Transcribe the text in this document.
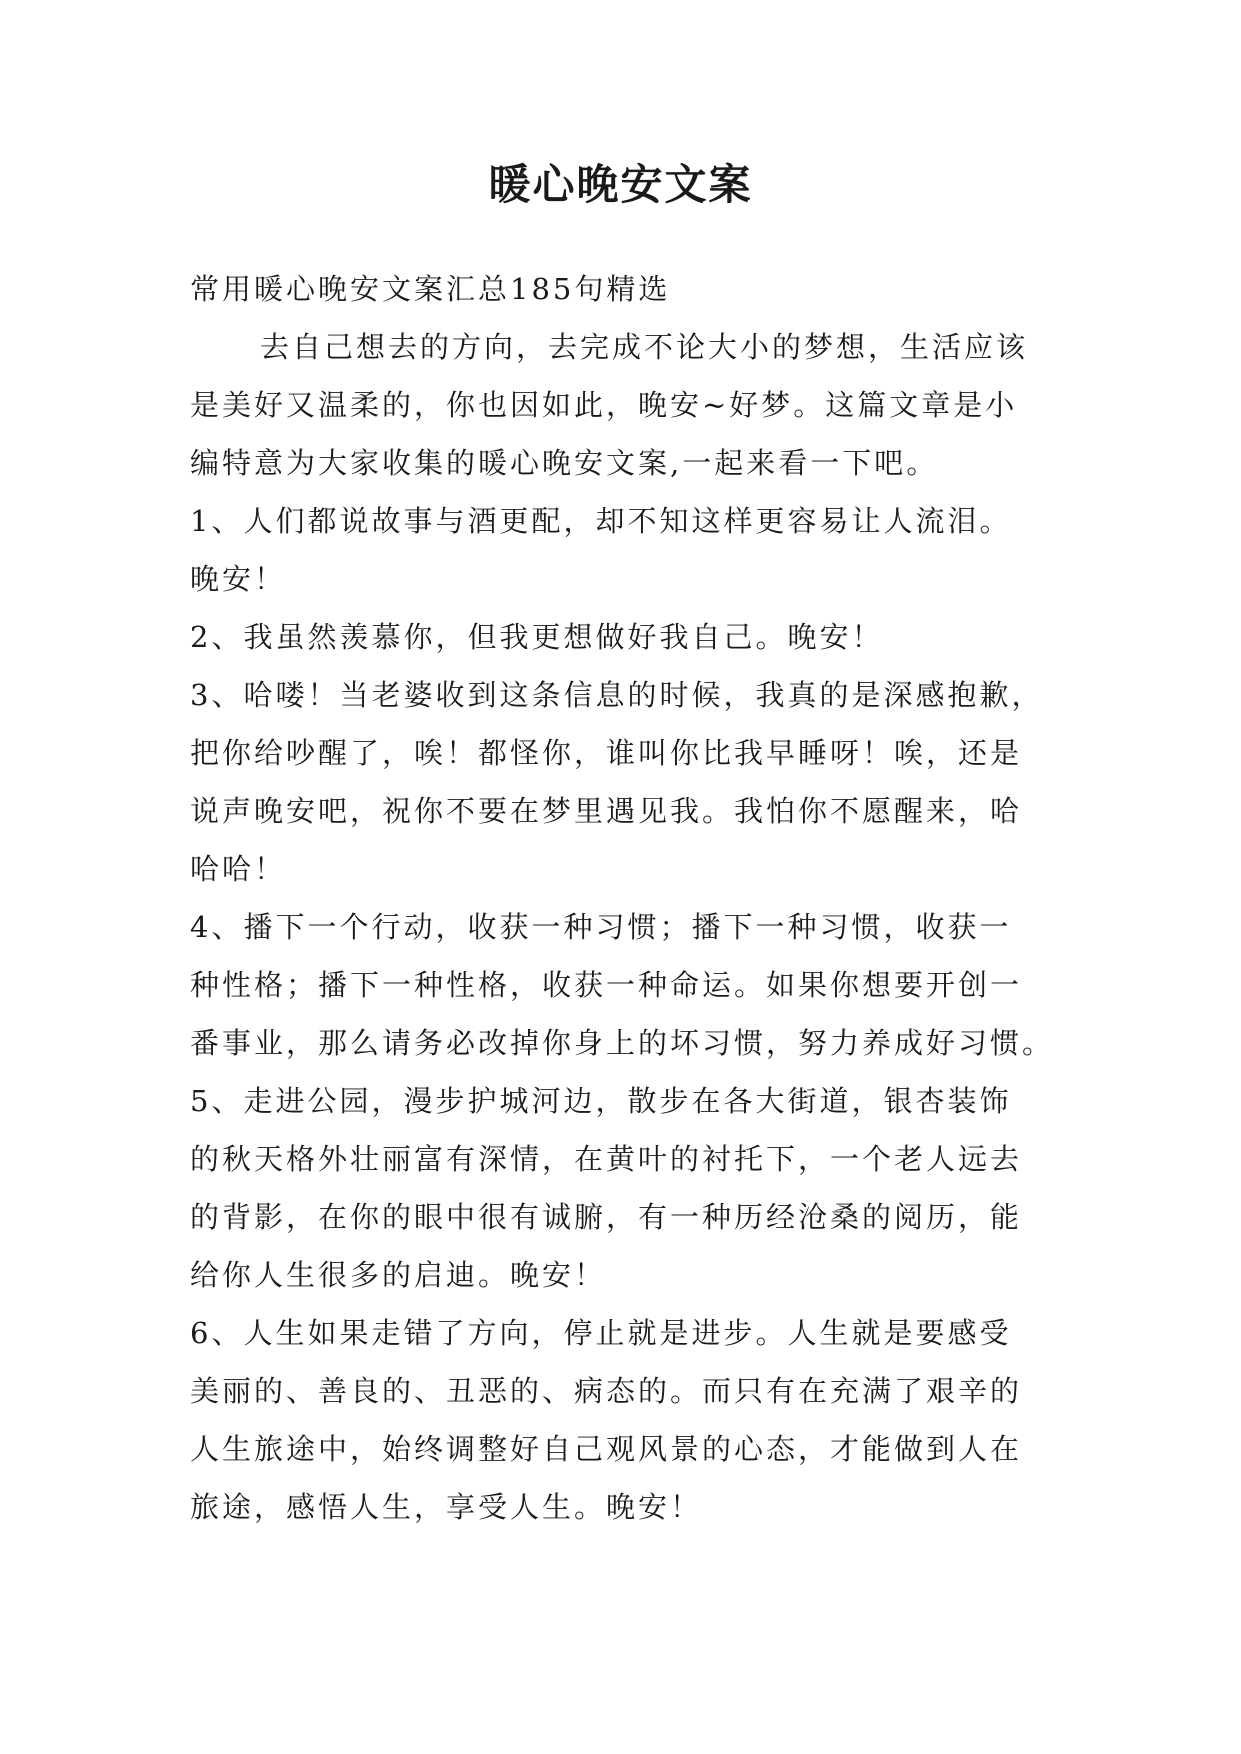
暖心晚安文案
常用暖心晚安文案汇总185句精选
去自己想去的方向，去完成不论大小的梦想，生活应该
是美好又温柔的，你也因如此，晚安~好梦。这篇文章是小
编特意为大家收集的暖心晚安文案,一起来看一下吧。
1、人们都说故事与酒更配，却不知这样更容易让人流泪。
晚安！
2、我虽然羡慕你，但我更想做好我自己。晚安！
3、哈喽！当老婆收到这条信息的时候，我真的是深感抱歉，
把你给吵醒了，唉！都怪你，谁叫你比我早睡呀！唉，还是
说声晚安吧，祝你不要在梦里遇见我。我怕你不愿醒来，哈
哈哈！
4、播下一个行动，收获一种习惯；播下一种习惯，收获一
种性格；播下一种性格，收获一种命运。如果你想要开创一
番事业，那么请务必改掉你身上的坏习惯，努力养成好习惯。
5、走进公园，漫步护城河边，散步在各大街道，银杏装饰
的秋天格外壮丽富有深情，在黄叶的衬托下，一个老人远去
的背影，在你的眼中很有诚腑，有一种历经沧桑的阅历，能
给你人生很多的启迪。晚安！
6、人生如果走错了方向，停止就是进步。人生就是要感受
美丽的、善良的、丑恶的、病态的。而只有在充满了艰辛的
人生旅途中，始终调整好自己观风景的心态，才能做到人在
旅途，感悟人生，享受人生。晚安！
